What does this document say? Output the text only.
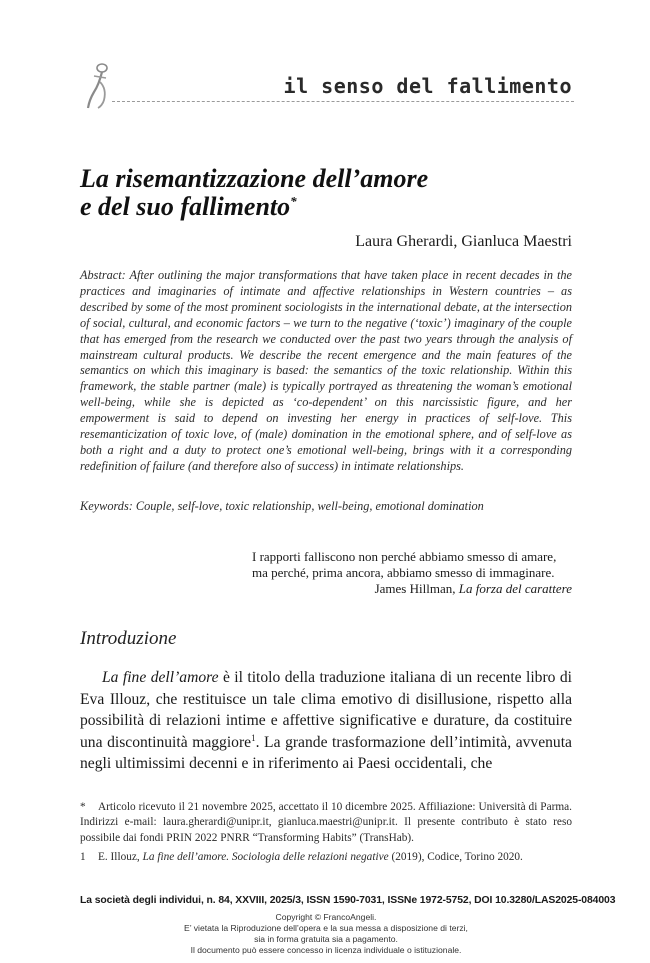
il senso del fallimento
La risemantizzazione dell’amore
e del suo fallimento*
Laura Gherardi, Gianluca Maestri

Abstract: After outlining the major transformations that have taken place in recent decades in the practices and imaginaries of intimate and affective relationships in Western countries – as described by some of the most prominent sociologists in the international debate, at the intersection of social, cultural, and economic factors – we turn to the negative (‘toxic’) imaginary of the couple that has emerged from the research we conducted over the past two years through the analysis of mainstream cultural products. We describe the recent emergence and the main features of the semantics on which this imaginary is based: the semantics of the toxic relationship. Within this framework, the stable partner (male) is typically portrayed as threatening the woman’s emotional well-being, while she is depicted as ‘co-dependent’ on this narcissistic figure, and her empowerment is said to depend on investing her energy in practices of self-love. This resemanticization of toxic love, of (male) domination in the emotional sphere, and of self-love as both a right and a duty to protect one’s emotional well-being, brings with it a corresponding redefinition of failure (and therefore also of success) in intimate relationships.

Keywords: Couple, self-love, toxic relationship, well-being, emotional domination
I rapporti falliscono non perché abbiamo smesso di amare,
ma perché, prima ancora, abbiamo smesso di immaginare.
James Hillman, La forza del carattere
Introduzione

La fine dell’amore è il titolo della traduzione italiana di un recente libro di Eva Illouz, che restituisce un tale clima emotivo di disillusione, rispetto alla possibilità di relazioni intime e affettive significative e durature, da costituire una discontinuità maggiore$^1$. La grande trasformazione dell’intimità, avvenuta negli ultimissimi decenni e in riferimento ai Paesi occidentali, che

* Articolo ricevuto il 21 novembre 2025, accettato il 10 dicembre 2025. Affiliazione: Università di Parma. Indirizzi e-mail: laura.gherardi@unipr.it, gianluca.maestri@unipr.it. Il presente contributo è stato reso possibile dai fondi PRIN 2022 PNRR “Transforming Habits” (TransHab).
1 E. Illouz, La fine dell’amore. Sociologia delle relazioni negative (2019), Codice, Torino 2020.
La società degli individui, n. 84, XXVIII, 2025/3, ISSN 1590-7031, ISSNe 1972-5752, DOI 10.3280/LAS2025-084003
Copyright © FrancoAngeli.
E’ vietata la Riproduzione dell’opera e la sua messa a disposizione di terzi,
sia in forma gratuita sia a pagamento.
Il documento può essere concesso in licenza individuale o istituzionale.
